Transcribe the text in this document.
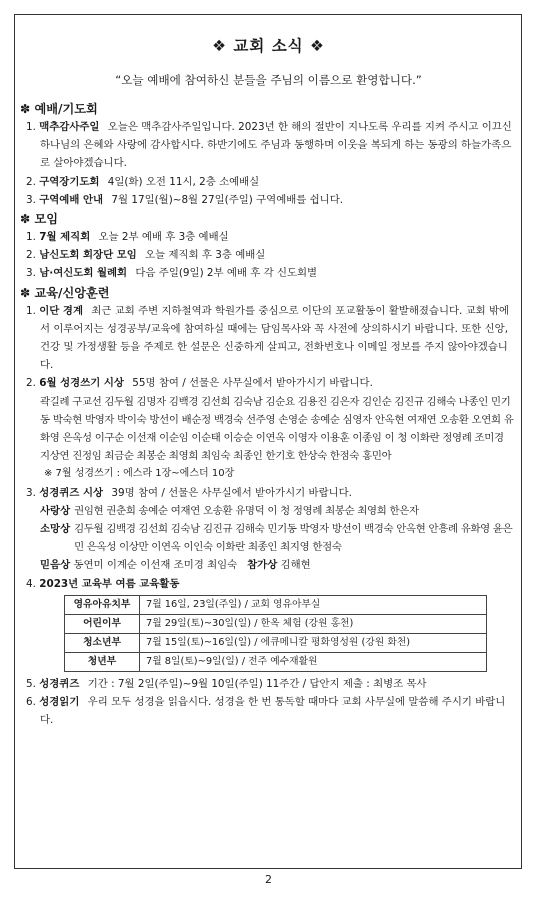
❖ 교회 소식 ❖
“오늘 예배에 참여하신 분들을 주님의 이름으로 환영합니다.”
✽ 예배/기도회
1. 맥추감사주일 오늘은 맥추감사주일입니다. 2023년 한 해의 절반이 지나도록 우리를 지켜 주시고 이끄신 하나님의 은혜와 사랑에 감사합시다. 하반기에도 주님과 동행하며 이웃을 복되게 하는 동광의 하늘가족으로 살아야겠습니다.
2. 구역장기도회 4일(화) 오전 11시, 2층 소예배실
3. 구역예배 안내 7월 17일(월)~8월 27일(주일) 구역예배를 쉽니다.
✽ 모임
1. 7월 제직회 오늘 2부 예배 후 3층 예배실
2. 남신도회 회장단 모임 오늘 제직회 후 3층 예배실
3. 남·여신도회 월례회 다음 주일(9일) 2부 예배 후 각 신도회별
✽ 교육/신앙훈련
1. 이단 경계 최근 교회 주변 지하철역과 학원가를 중심으로 이단의 포교활동이 활발해졌습니다. 교회 밖에서 이루어지는 성경공부/교육에 참여하실 때에는 담임목사와 꼭 사전에 상의하시기 바랍니다. 또한 신앙, 건강 및 가정생활 등을 주제로 한 설문은 신중하게 살피고, 전화번호나 이메일 정보를 주지 않아야겠습니다.
2. 6월 성경쓰기 시상 55명 참여 / 선물은 사무실에서 받아가시기 바랍니다.
곽길례 구교선 김두월 김명자 김백경 김선희 김숙남 김순요 김용진 김은자 김인순 김진규 김해숙 나종인 민기동 박숙현 박영자 박이숙 방선이 배순정 백경숙 선주영 손영순 송예순 심영자 안옥현 여재연 오송환 오연희 유화영 은옥성 이구순 이선재 이순임 이순태 이승순 이연옥 이영자 이용훈 이종임 이 청 이화란 정영례 조미경 지상연 진정임 최금순 최봉순 최영희 최임숙 최종인 한기호 한상숙 한점숙 홍민아
※ 7월 성경쓰기 : 에스라 1장~에스더 10장
3. 성경퀴즈 시상 39명 참여 / 선물은 사무실에서 받아가시기 바랍니다.
사랑상 권임현 권춘희 송예순 여재연 오송환 유명덕 이 청 정영례 최봉순 최영희 한은자
소망상 김두월 김백경 김선희 김숙남 김진규 김해숙 민기동 박영자 방선이 백경숙 안옥현 안흥례 유화영 윤은민 은옥성 이상만 이연옥 이인숙 이화란 최종인 최지영 한점숙
믿음상 동연미 이계순 이선재 조미경 최임숙 참가상 김해현
4. 2023년 교육부 여름 교육활동
영유아유치부	7월 16일, 23일(주일) / 교회 영유아부실
어린이부	7월 29일(토)~30일(일) / 한옥 체험 (강원 홍천)
청소년부	7월 15일(토)~16일(일) / 에큐메니칼 평화영성원 (강원 화천)
청년부	7월 8일(토)~9일(일) / 전주 예수재활원
5. 성경퀴즈 기간 : 7월 2일(주일)~9월 10일(주일) 11주간 / 답안지 제출 : 최병조 목사
6. 성경읽기 우리 모두 성경을 읽읍시다. 성경을 한 번 통독할 때마다 교회 사무실에 말씀해 주시기 바랍니다.
2
